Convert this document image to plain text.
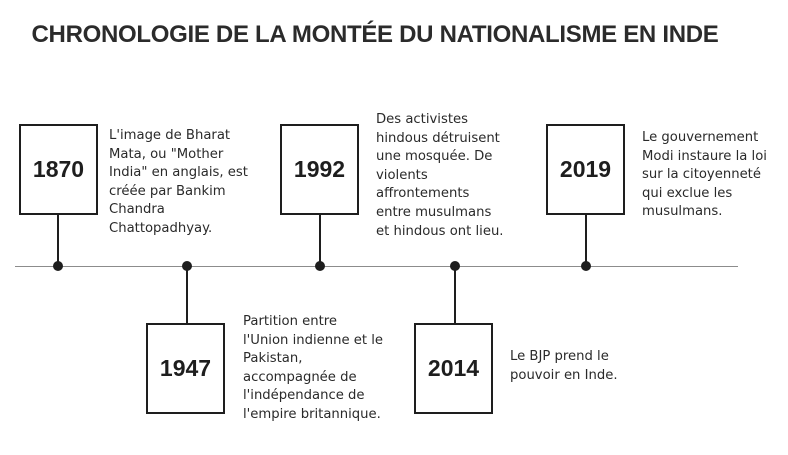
CHRONOLOGIE DE LA MONTÉE DU NATIONALISME EN INDE
1870
L'image de Bharat
Mata, ou "Mother
India" en anglais, est
créée par Bankim
Chandra
Chattopadhyay.
1947
Partition entre
l'Union indienne et le
Pakistan,
accompagnée de
l'indépendance de
l'empire britannique.
1992
Des activistes
hindous détruisent
une mosquée. De
violents
affrontements
entre musulmans
et hindous ont lieu.
2014	Le BJP prend le
pouvoir en Inde.
2019
Le gouvernement
Modi instaure la loi
sur la citoyenneté
qui exclue les
musulmans.
